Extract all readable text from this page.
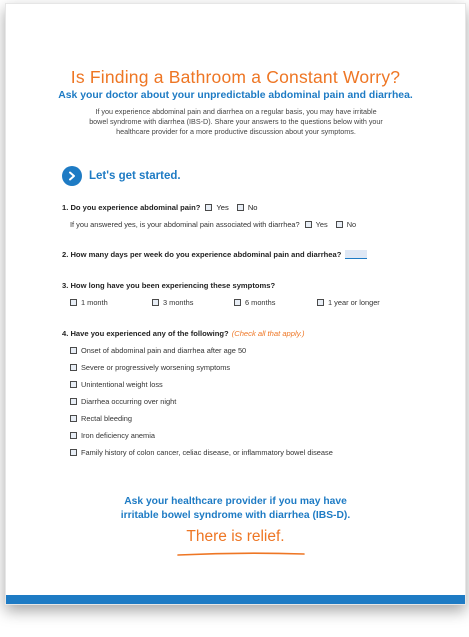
Is Finding a Bathroom a Constant Worry?
Ask your doctor about your unpredictable abdominal pain and diarrhea.
If you experience abdominal pain and diarrhea on a regular basis, you may have irritable bowel syndrome with diarrhea (IBS-D). Share your answers to the questions below with your healthcare provider for a more productive discussion about your symptoms.
Let's get started.
1. Do you experience abdominal pain? Yes	No
If you answered yes, is your abdominal pain associated with diarrhea? Yes	No
2. How many days per week do you experience abdominal pain and diarrhea?
3. How long have you been experiencing these symptoms?
1 month	3 months	6 months	1 year or longer
4. Have you experienced any of the following? (Check all that apply.)
Onset of abdominal pain and diarrhea after age 50
Severe or progressively worsening symptoms
Unintentional weight loss
Diarrhea occurring over night
Rectal bleeding
Iron deficiency anemia
Family history of colon cancer, celiac disease, or inflammatory bowel disease
Ask your healthcare provider if you may have
irritable bowel syndrome with diarrhea (IBS-D).
There is relief.
